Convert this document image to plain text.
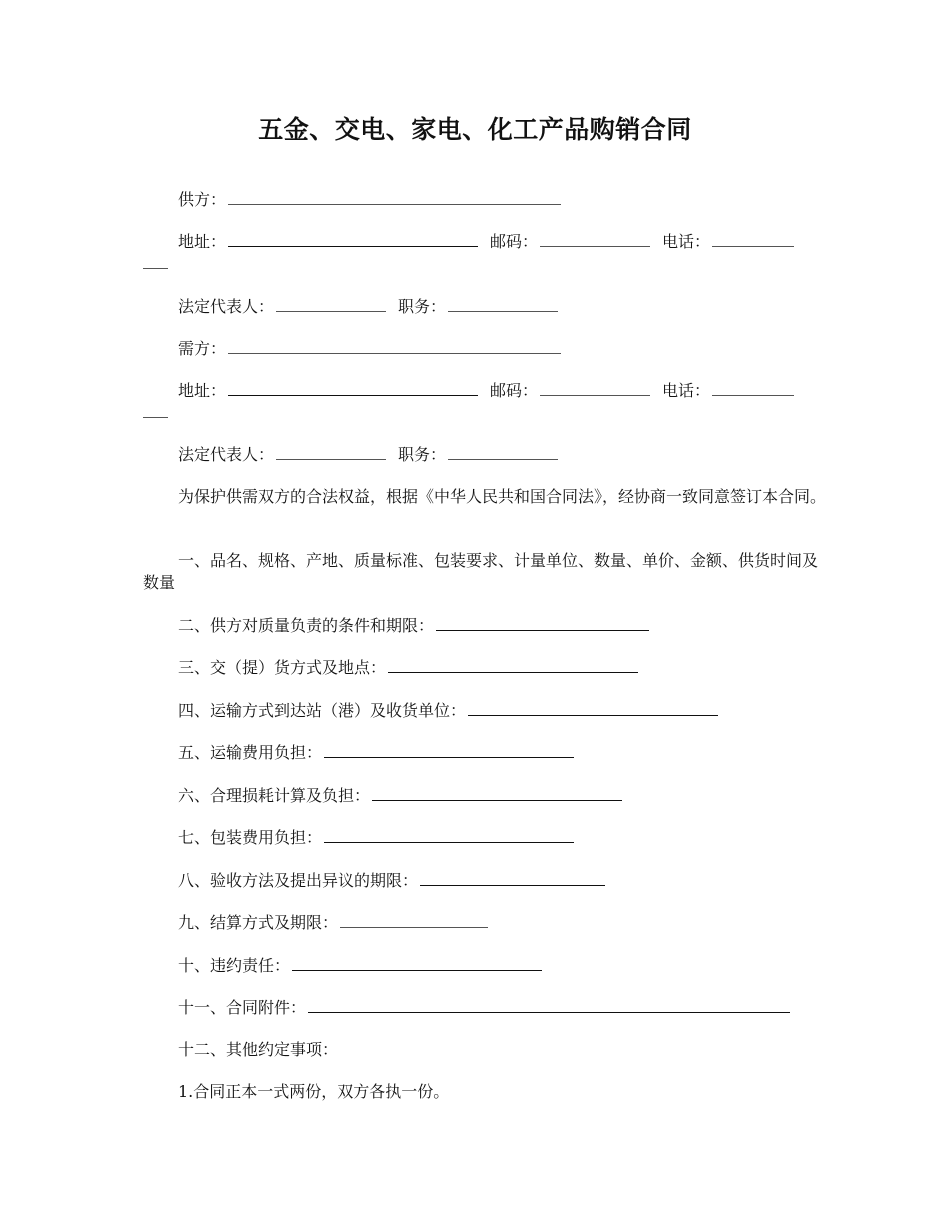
五金、交电、家电、化工产品购销合同
供方：
地址：	邮码：	电话：
法定代表人：	职务：
需方：
地址：	邮码：	电话：
法定代表人：	职务：
为保护供需双方的合法权益，根据《中华人民共和国合同法》，经协商一致同意签订本合同。
一、品名、规格、产地、质量标准、包装要求、计量单位、数量、单价、金额、供货时间及数量
二、供方对质量负责的条件和期限：
三、交（提）货方式及地点：
四、运输方式到达站（港）及收货单位：
五、运输费用负担：
六、合理损耗计算及负担：
七、包装费用负担：
八、验收方法及提出异议的期限：
九、结算方式及期限：
十、违约责任：
十一、合同附件：
十二、其他约定事项：
1.合同正本一式两份，双方各执一份。
